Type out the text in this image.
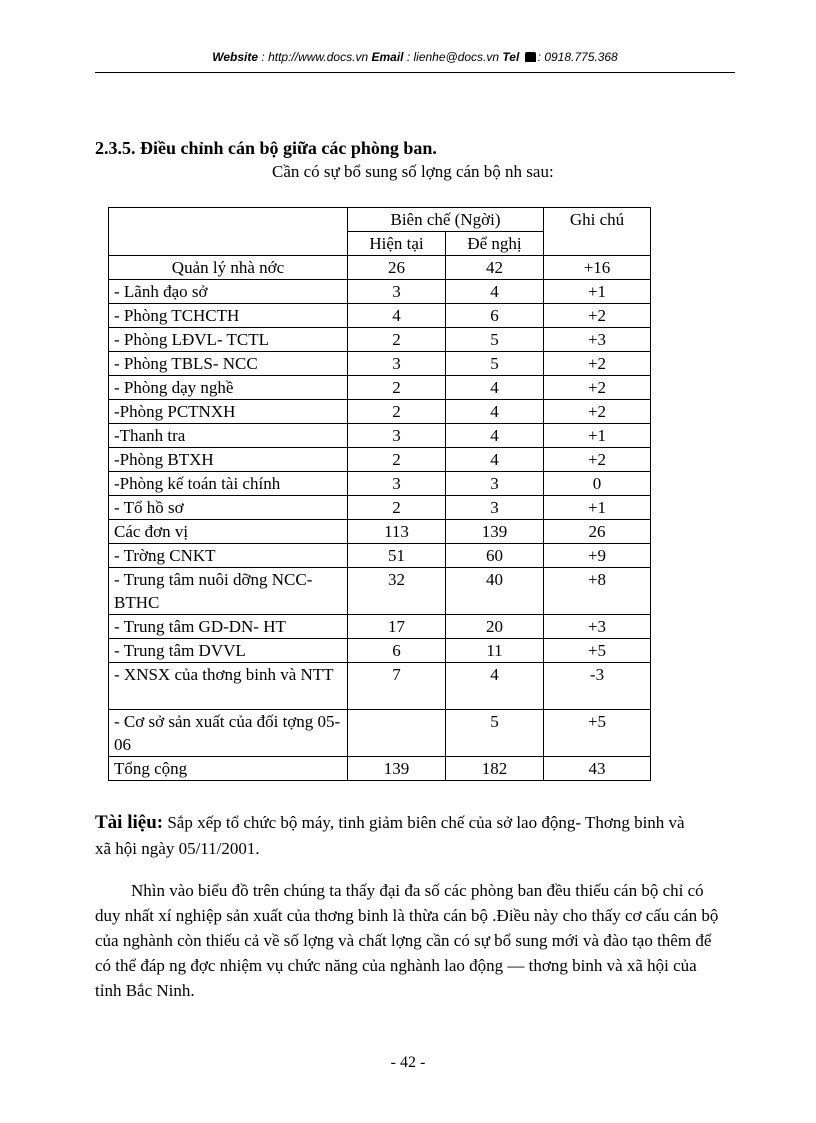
Website : http://www.docs.vn Email : lienhe@docs.vn Tel : 0918.775.368
2.3.5. Điều chỉnh cán bộ giữa các phòng ban.
Cần có sự bổ sung số lợng cán bộ nh sau:
	Biên chế (Ngời)		Ghi chú
	Hiện tại	Để nghị	
Quản lý nhà nớc	26	42	+16
- Lãnh đạo sở	3	4	+1
- Phòng TCHCTH	4	6	+2
- Phòng LĐVL- TCTL	2	5	+3
- Phòng TBLS- NCC	3	5	+2
- Phòng dạy nghề	2	4	+2
-Phòng PCTNXH	2	4	+2
-Thanh tra	3	4	+1
-Phòng BTXH	2	4	+2
-Phòng kế toán tài chính	3	3	0
- Tổ hồ sơ	2	3	+1
Các đơn vị	113	139	26
- Trờng CNKT	51	60	+9
- Trung tâm nuôi dỡng NCC-BTHC	32	40	+8
- Trung tâm GD-DN- HT	17	20	+3
- Trung tâm DVVL	6	11	+5
- XNSX của thơng binh và NTT	7	4	-3
- Cơ sở sản xuất của đối tợng 05-06		5	+5
Tổng cộng	139	182	43
Tài liệu: Sắp xếp tổ chức bộ máy, tinh giảm biên chế của sở lao động- Thơng binh và xã hội ngày 05/11/2001.
Nhìn vào biểu đồ trên chúng ta thấy đại đa số các phòng ban đều thiếu cán bộ chỉ có duy nhất xí nghiệp sản xuất của thơng binh là thừa cán bộ .Điều này cho thấy cơ cấu cán bộ của nghành còn thiếu cả về số lợng và chất lợng cần có sự bổ sung mới và đào tạo thêm để có thể đáp ng đợc nhiệm vụ chức năng của nghành lao động — thơng binh và xã hội của tỉnh Bắc Ninh.
- 42 -
